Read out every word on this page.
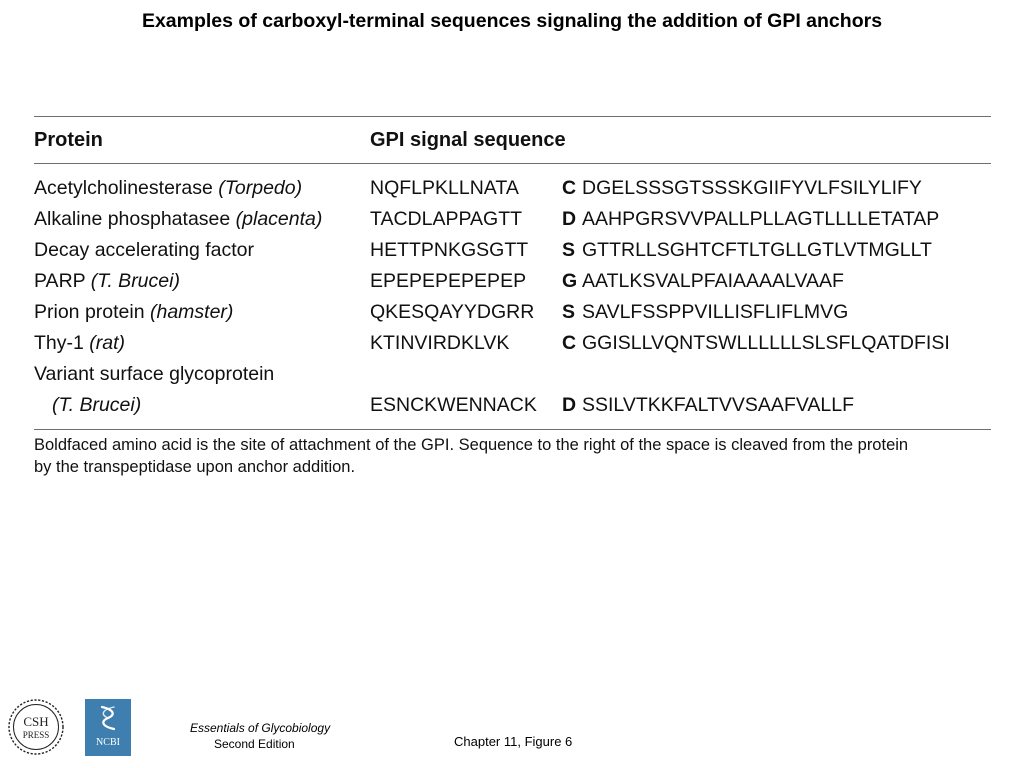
Examples of carboxyl-terminal sequences signaling the addition of GPI anchors
Protein	GPI signal sequence
Acetylcholinesterase (Torpedo)	NQFLPKLLNATA C DGELSSSGTSSSKGIIFYVLFSILYLIFY
Alkaline phosphatasee (placenta) TACDLAPPAGTT D AAHPGRSVVPALLPLLAGTLLLLETATAP
Decay accelerating factor	HETTPNKGSGTT S GTTRLLSGHTCFTLTGLLGTLVTMGLLT
PARP (T. Brucei)	EPEPEPEPEPEP G AATLKSVALPFAIAAAALVAAF
Prion protein (hamster)	QKESQAYYDGRR S SAVLFSSPPVILLISFLIFLMVG
Thy-1 (rat)	KTINVIRDKLVK	C GGISLLVQNTSWLLLLLLSLSFLQATDFISI
Variant surface glycoprotein
(T. Brucei)	ESNCKWENNACK D SSILVTKKFALTVVSAAFVALLF
Boldfaced amino acid is the site of attachment of the GPI. Sequence to the right of the space is cleaved from the protein
by the transpeptidase upon anchor addition.
CSH
PRESS
NCBI
Essentials of Glycobiology
Second Edition	Chapter 11, Figure 6
